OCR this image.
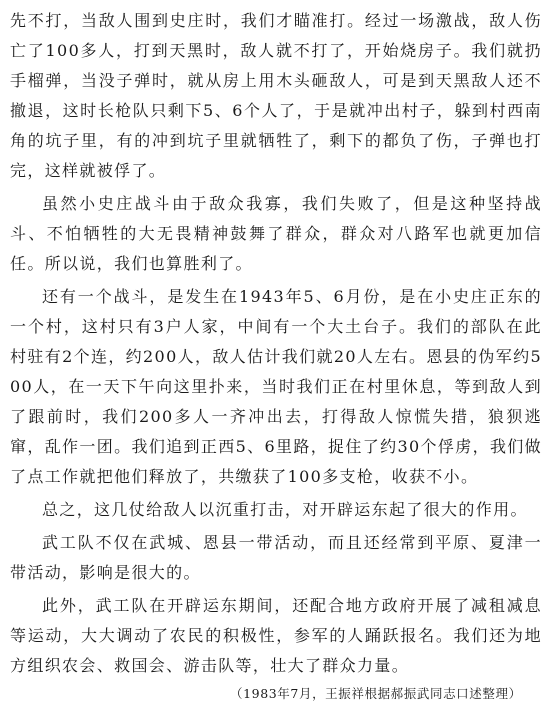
先不打，当敌人围到史庄时，我们才瞄准打。经过一场激战，敌人伤亡了100多人，打到天黑时，敌人就不打了，开始烧房子。我们就扔手榴弹，当没子弹时，就从房上用木头砸敌人，可是到天黑敌人还不撤退，这时长枪队只剩下5、6个人了，于是就冲出村子，躲到村西南角的坑子里，有的冲到坑子里就牺牲了，剩下的都负了伤，子弹也打完，这样就被俘了。

虽然小史庄战斗由于敌众我寡，我们失败了，但是这种坚持战斗、不怕牺牲的大无畏精神鼓舞了群众，群众对八路军也就更加信任。所以说，我们也算胜利了。

还有一个战斗，是发生在1943年5、6月份，是在小史庄正东的一个村，这村只有3户人家，中间有一个大土台子。我们的部队在此村驻有2个连，约200人，敌人估计我们就20人左右。恩县的伪军约500人，在一天下午向这里扑来，当时我们正在村里休息，等到敌人到了跟前时，我们200多人一齐冲出去，打得敌人惊慌失措，狼狈逃窜，乱作一团。我们追到正西5、6里路，捉住了约30个俘虏，我们做了点工作就把他们释放了，共缴获了100多支枪，收获不小。

总之，这几仗给敌人以沉重打击，对开辟运东起了很大的作用。

武工队不仅在武城、恩县一带活动，而且还经常到平原、夏津一带活动，影响是很大的。

此外，武工队在开辟运东期间，还配合地方政府开展了减租减息等运动，大大调动了农民的积极性，参军的人踊跃报名。我们还为地方组织农会、救国会、游击队等，壮大了群众力量。

（1983年7月，王振祥根据郝振武同志口述整理）
